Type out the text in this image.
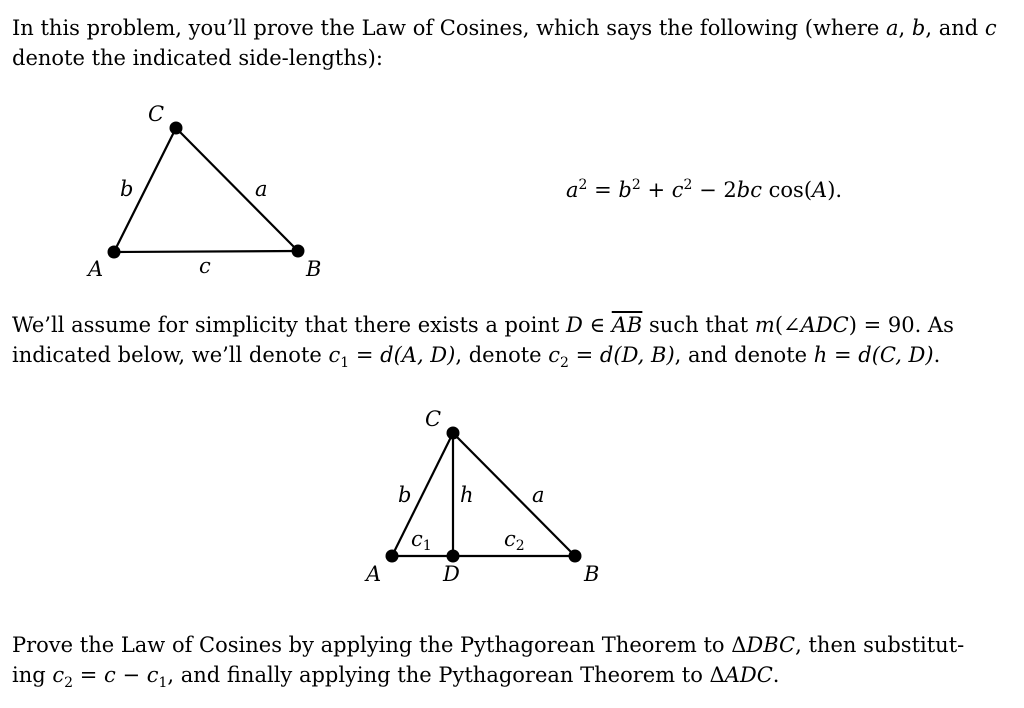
In this problem, you’ll prove the Law of Cosines, which says the following (where a, b, and c denote the indicated side-lengths):

C
A	B
a
b
c
$a^2 = b^2 + c^2 - 2bc$ cos(A).

We’ll assume for simplicity that there exists a point D ∈ $\overline{AB}$ such that m(∠ADC) = 90. As indicated below, we’ll denote $c_1 = d(A$, D), denote $c_2 = d(D$, B), and denote h = d(C, D).

C
A	D	B
b h	a
c1	c2

Prove the Law of Cosines by applying the Pythagorean Theorem to ΔDBC, then substitut- ing $c_2 = c - c_1$, and finally applying the Pythagorean Theorem to ΔADC.
